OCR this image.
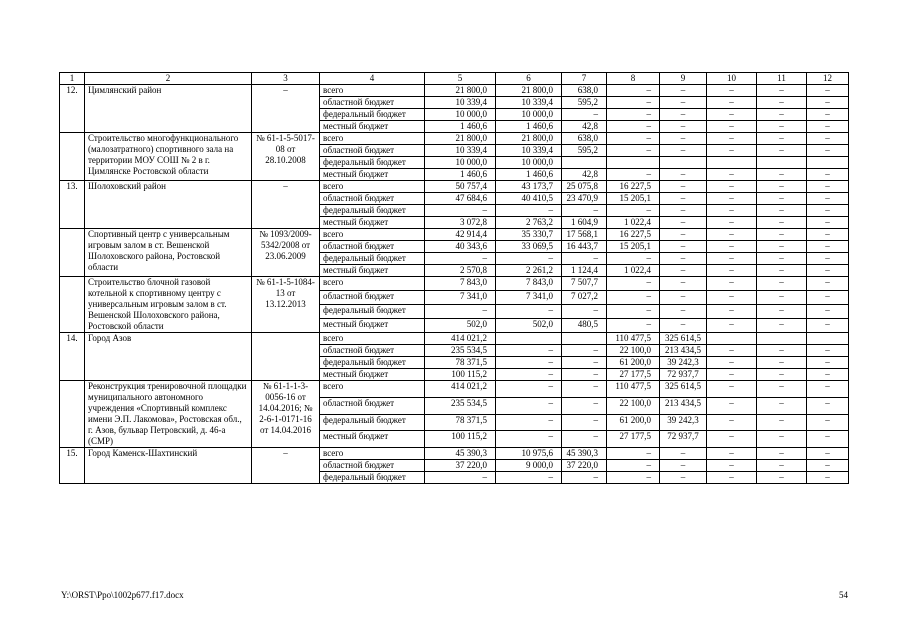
1	2	3	4	5	6	7	8	9	10	11	12
12.	Цимлянский район	–	всего	21 800,0	21 800,0	638,0	–	–	–	–	–
			областной бюджет	10 339,4	10 339,4	595,2	–	–	–	–	–
			федеральный бюджет	10 000,0	10 000,0	–	–	–	–	–	–
			местный бюджет	1 460,6	1 460,6	42,8	–	–	–	–	–
	Строительство многофункционального (малозатратного) спортивного зала на территории МОУ СОШ № 2 в г. Цимлянске Ростовской области	№ 61-1-5-5017-08 от 28.10.2008	всего	21 800,0	21 800,0	638,0	–	–	–	–	–
			областной бюджет	10 339,4	10 339,4	595,2	–	–	–	–	–
			федеральный бюджет	10 000,0	10 000,0						
			местный бюджет	1 460,6	1 460,6	42,8	–	–	–	–	–
13.	Шолоховский район	–	всего	50 757,4	43 173,7	25 075,8	16 227,5	–	–	–	–
			областной бюджет	47 684,6	40 410,5	23 470,9	15 205,1	–	–	–	–
			федеральный бюджет	–	–	–	–	–	–	–	–
			местный бюджет	3 072,8	2 763,2	1 604,9	1 022,4	–	–	–	–
	Спортивный центр с универсальным игровым залом в ст. Вешенской Шолоховского района, Ростовской области	№ 1093/2009-5342/2008 от 23.06.2009	всего	42 914,4	35 330,7	17 568,1	16 227,5	–	–	–	–
			областной бюджет	40 343,6	33 069,5	16 443,7	15 205,1	–	–	–	–
			федеральный бюджет	–	–	–	–	–	–	–	–
			местный бюджет	2 570,8	2 261,2	1 124,4	1 022,4	–	–	–	–
	Строительство блочной газовой котельной к спортивному центру с универсальным игровым залом в ст. Вешенской Шолоховского района, Ростовской области	№ 61-1-5-1084-13 от 13.12.2013	всего	7 843,0	7 843,0	7 507,7	–	–	–	–	–
			областной бюджет	7 341,0	7 341,0	7 027,2	–	–	–	–	–
			федеральный бюджет	–	–	–	–	–	–	–	–
			местный бюджет	502,0	502,0	480,5	–	–	–	–	–
14.	Город Азов		всего	414 021,2			110 477,5	325 614,5			
			областной бюджет	235 534,5	–	–	22 100,0	213 434,5	–	–	–
			федеральный бюджет	78 371,5	–	–	61 200,0	39 242,3	–	–	–
			местный бюджет	100 115,2	–	–	27 177,5	72 937,7	–	–	–
	Реконструкция тренировочной площадки муниципального автономного учреждения «Спортивный комплекс имени Э.П. Лакомова», Ростовская обл., г. Азов, бульвар Петровский, д. 46-а (СМР)	№ 61-1-1-3-0056-16 от 14.04.2016; № 2-6-1-0171-16 от 14.04.2016	всего	414 021,2	–	–	110 477,5	325 614,5	–	–	–
			областной бюджет	235 534,5	–	–	22 100,0	213 434,5	–	–	–
			федеральный бюджет	78 371,5	–	–	61 200,0	39 242,3	–	–	–
			местный бюджет	100 115,2	–	–	27 177,5	72 937,7	–	–	–
15.	Город Каменск-Шахтинский	–	всего	45 390,3	10 975,6	45 390,3	–	–	–	–	–
			областной бюджет	37 220,0	9 000,0	37 220,0	–	–	–	–	–
			федеральный бюджет	–	–	–	–	–	–	–	–
Y:\ORST\Ppo\1002p677.f17.docx	54
